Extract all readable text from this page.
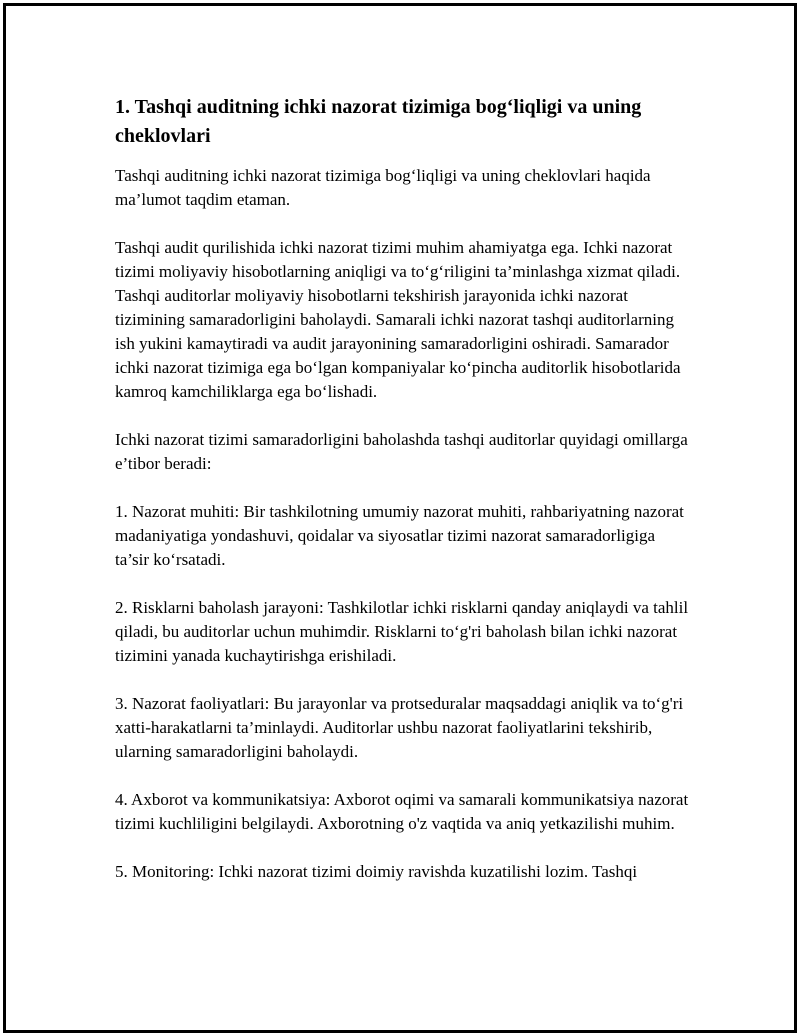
1. Tashqi auditning ichki nazorat tizimiga bog‘liqligi va uning cheklovlari

Tashqi auditning ichki nazorat tizimiga bog‘liqligi va uning cheklovlari haqida ma’lumot taqdim etaman.

Tashqi audit qurilishida ichki nazorat tizimi muhim ahamiyatga ega. Ichki nazorat tizimi moliyaviy hisobotlarning aniqligi va to‘g‘riligini ta’minlashga xizmat qiladi. Tashqi auditorlar moliyaviy hisobotlarni tekshirish jarayonida ichki nazorat tizimining samaradorligini baholaydi. Samarali ichki nazorat tashqi auditorlarning ish yukini kamaytiradi va audit jarayonining samaradorligini oshiradi. Samarador ichki nazorat tizimiga ega bo‘lgan kompaniyalar ko‘pincha auditorlik hisobotlarida kamroq kamchiliklarga ega bo‘lishadi.

Ichki nazorat tizimi samaradorligini baholashda tashqi auditorlar quyidagi omillarga e’tibor beradi:

1. Nazorat muhiti: Bir tashkilotning umumiy nazorat muhiti, rahbariyatning nazorat madaniyatiga yondashuvi, qoidalar va siyosatlar tizimi nazorat samaradorligiga ta’sir ko‘rsatadi.

2. Risklarni baholash jarayoni: Tashkilotlar ichki risklarni qanday aniqlaydi va tahlil qiladi, bu auditorlar uchun muhimdir. Risklarni to‘g'ri baholash bilan ichki nazorat tizimini yanada kuchaytirishga erishiladi.

3. Nazorat faoliyatlari: Bu jarayonlar va protseduralar maqsaddagi aniqlik va to‘g'ri xatti-harakatlarni ta’minlaydi. Auditorlar ushbu nazorat faoliyatlarini tekshirib, ularning samaradorligini baholaydi.

4. Axborot va kommunikatsiya: Axborot oqimi va samarali kommunikatsiya nazorat tizimi kuchliligini belgilaydi. Axborotning o'z vaqtida va aniq yetkazilishi muhim.

5. Monitoring: Ichki nazorat tizimi doimiy ravishda kuzatilishi lozim. Tashqi
